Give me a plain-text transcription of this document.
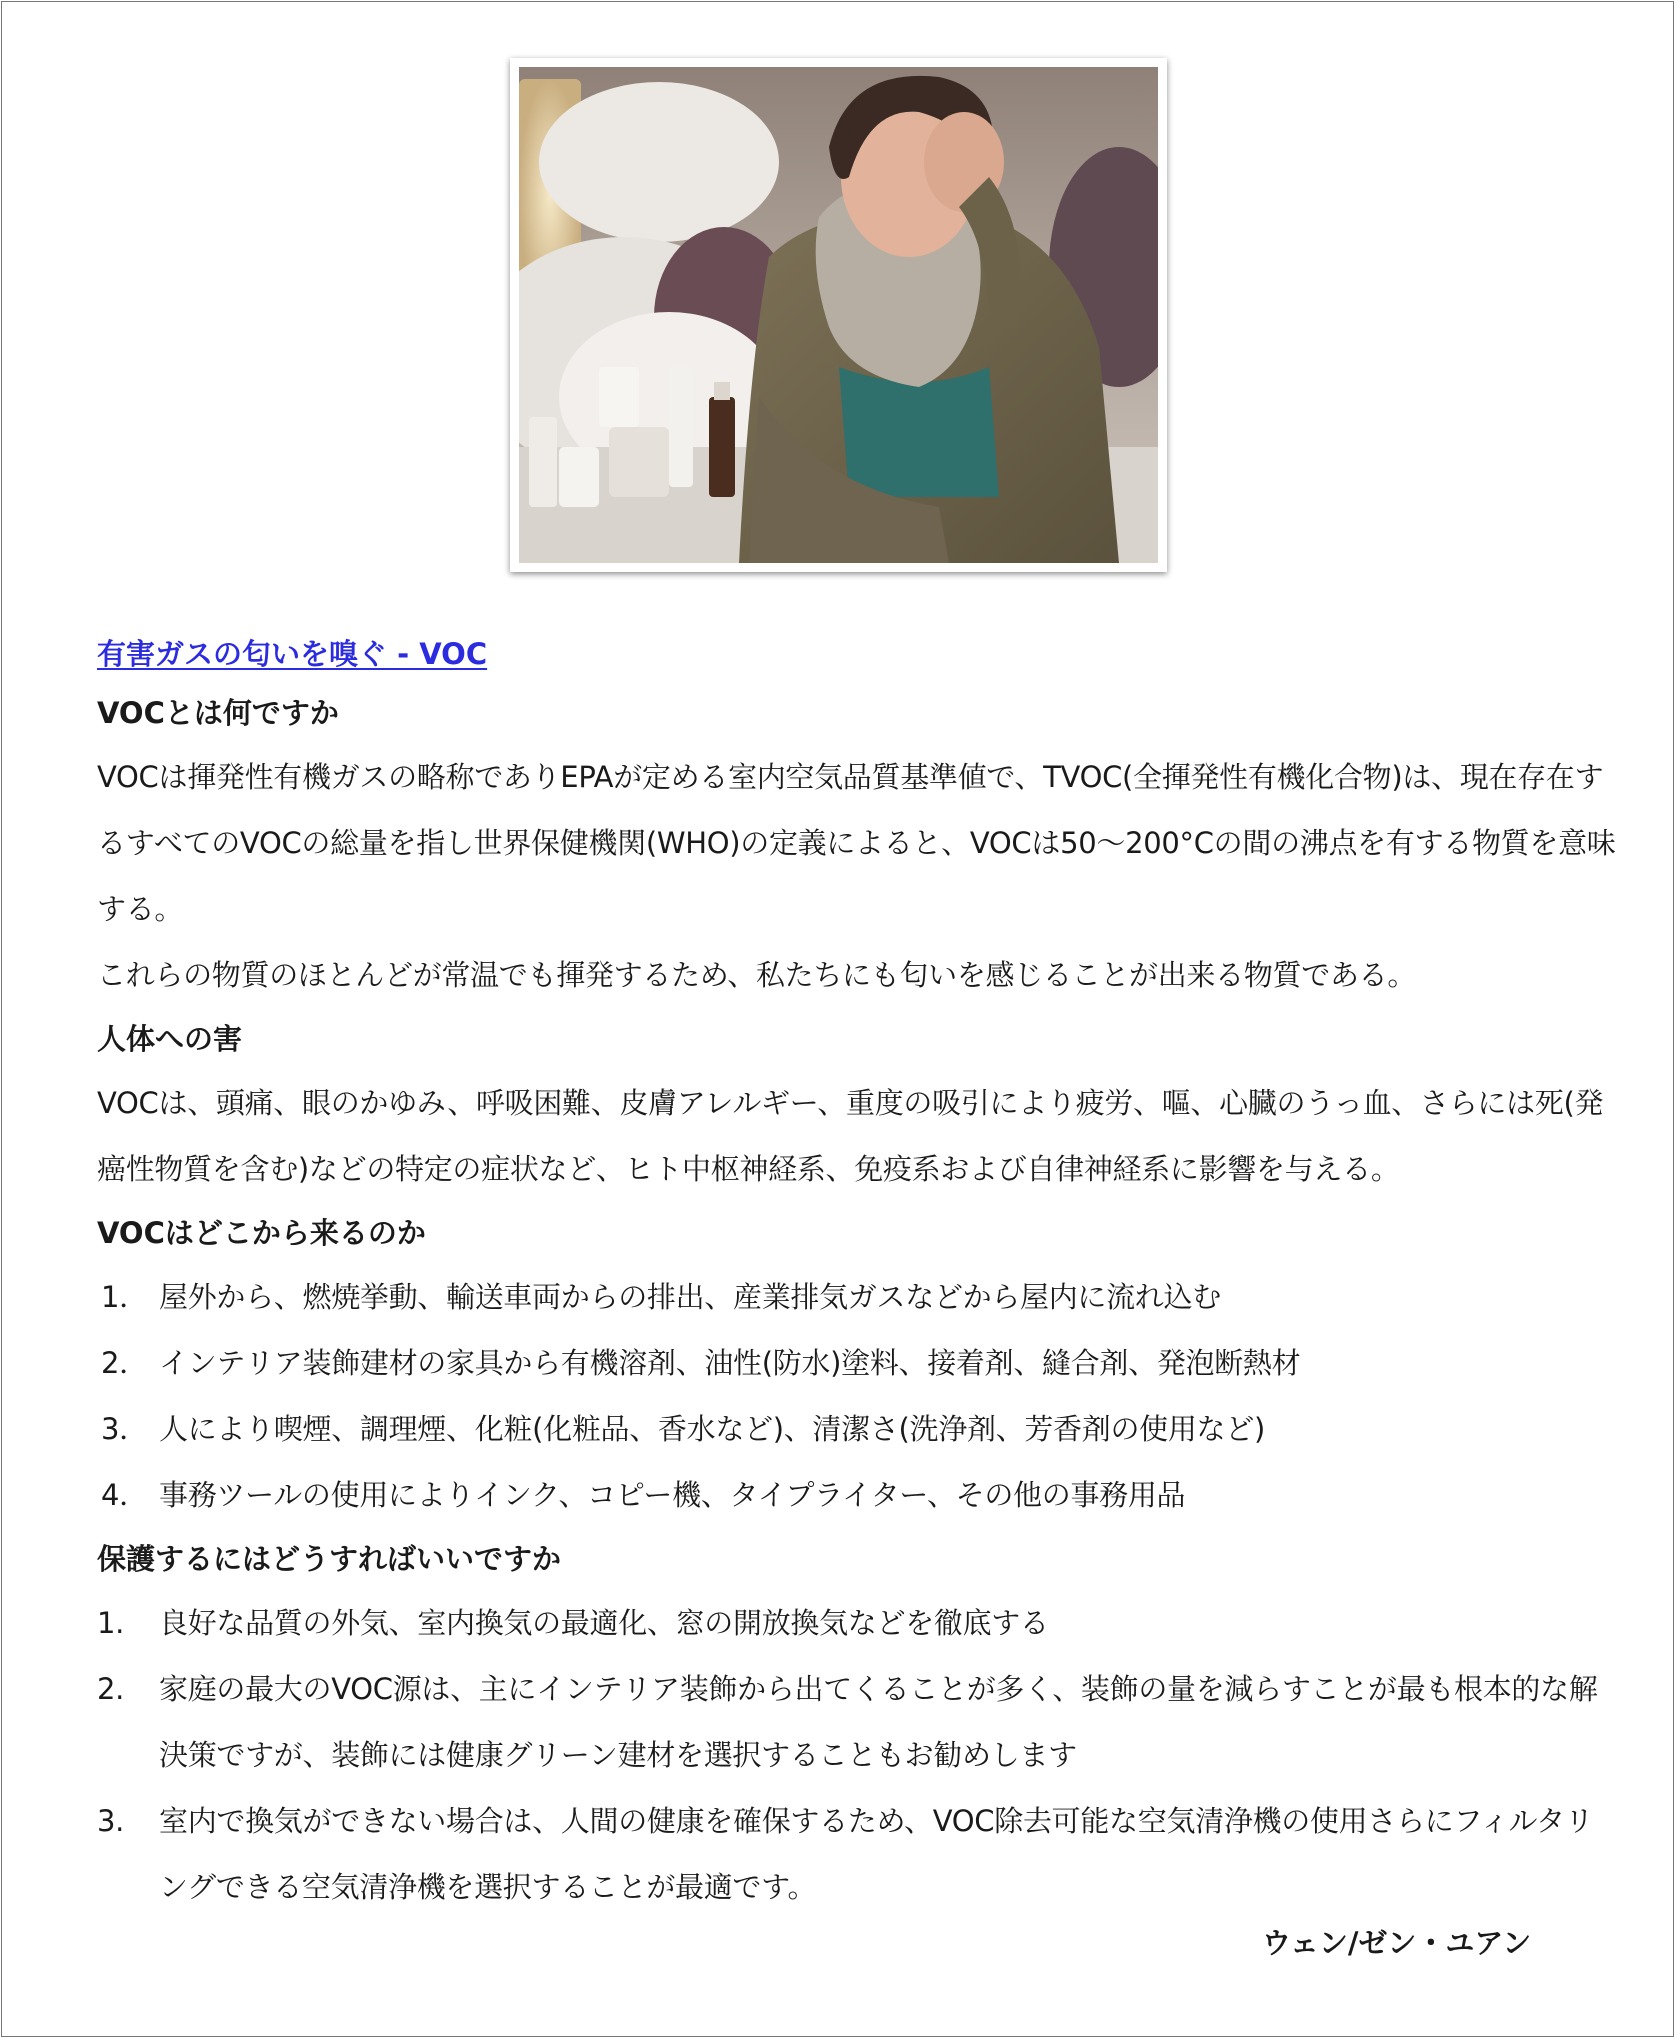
有害ガスの匂いを嗅ぐ - VOC
VOCとは何ですか

VOCは揮発性有機ガスの略称でありEPAが定める室内空気品質基準値で、TVOC(全揮発性有機化合物)は、現在存在するすべてのVOCの総量を指し世界保健機関(WHO)の定義によると、VOCは50～200°Cの間の沸点を有する物質を意味する。

これらの物質のほとんどが常温でも揮発するため、私たちにも匂いを感じることが出来る物質である。

人体への害

VOCは、頭痛、眼のかゆみ、呼吸困難、皮膚アレルギー、重度の吸引により疲労、嘔、心臓のうっ血、さらには死(発癌性物質を含む)などの特定の症状など、ヒト中枢神経系、免疫系および自律神経系に影響を与える。

VOCはどこから来るのか
1． 屋外から、燃焼挙動、輸送車両からの排出、産業排気ガスなどから屋内に流れ込む
2． インテリア装飾建材の家具から有機溶剤、油性(防水)塗料、接着剤、縫合剤、発泡断熱材
3． 人により喫煙、調理煙、化粧(化粧品、香水など)、清潔さ(洗浄剤、芳香剤の使用など)
4． 事務ツールの使用によりインク、コピー機、タイプライター、その他の事務用品
保護するにはどうすればいいですか
1.	良好な品質の外気、室内換気の最適化、窓の開放換気などを徹底する
2.	家庭の最大のVOC源は、主にインテリア装飾から出てくることが多く、装飾の量を減らすことが最も根本的な解決策ですが、装飾には健康グリーン建材を選択することもお勧めします
3.	室内で換気ができない場合は、人間の健康を確保するため、VOC除去可能な空気清浄機の使用さらにフィルタリングできる空気清浄機を選択することが最適です。
ウェン/ゼン・ユアン
